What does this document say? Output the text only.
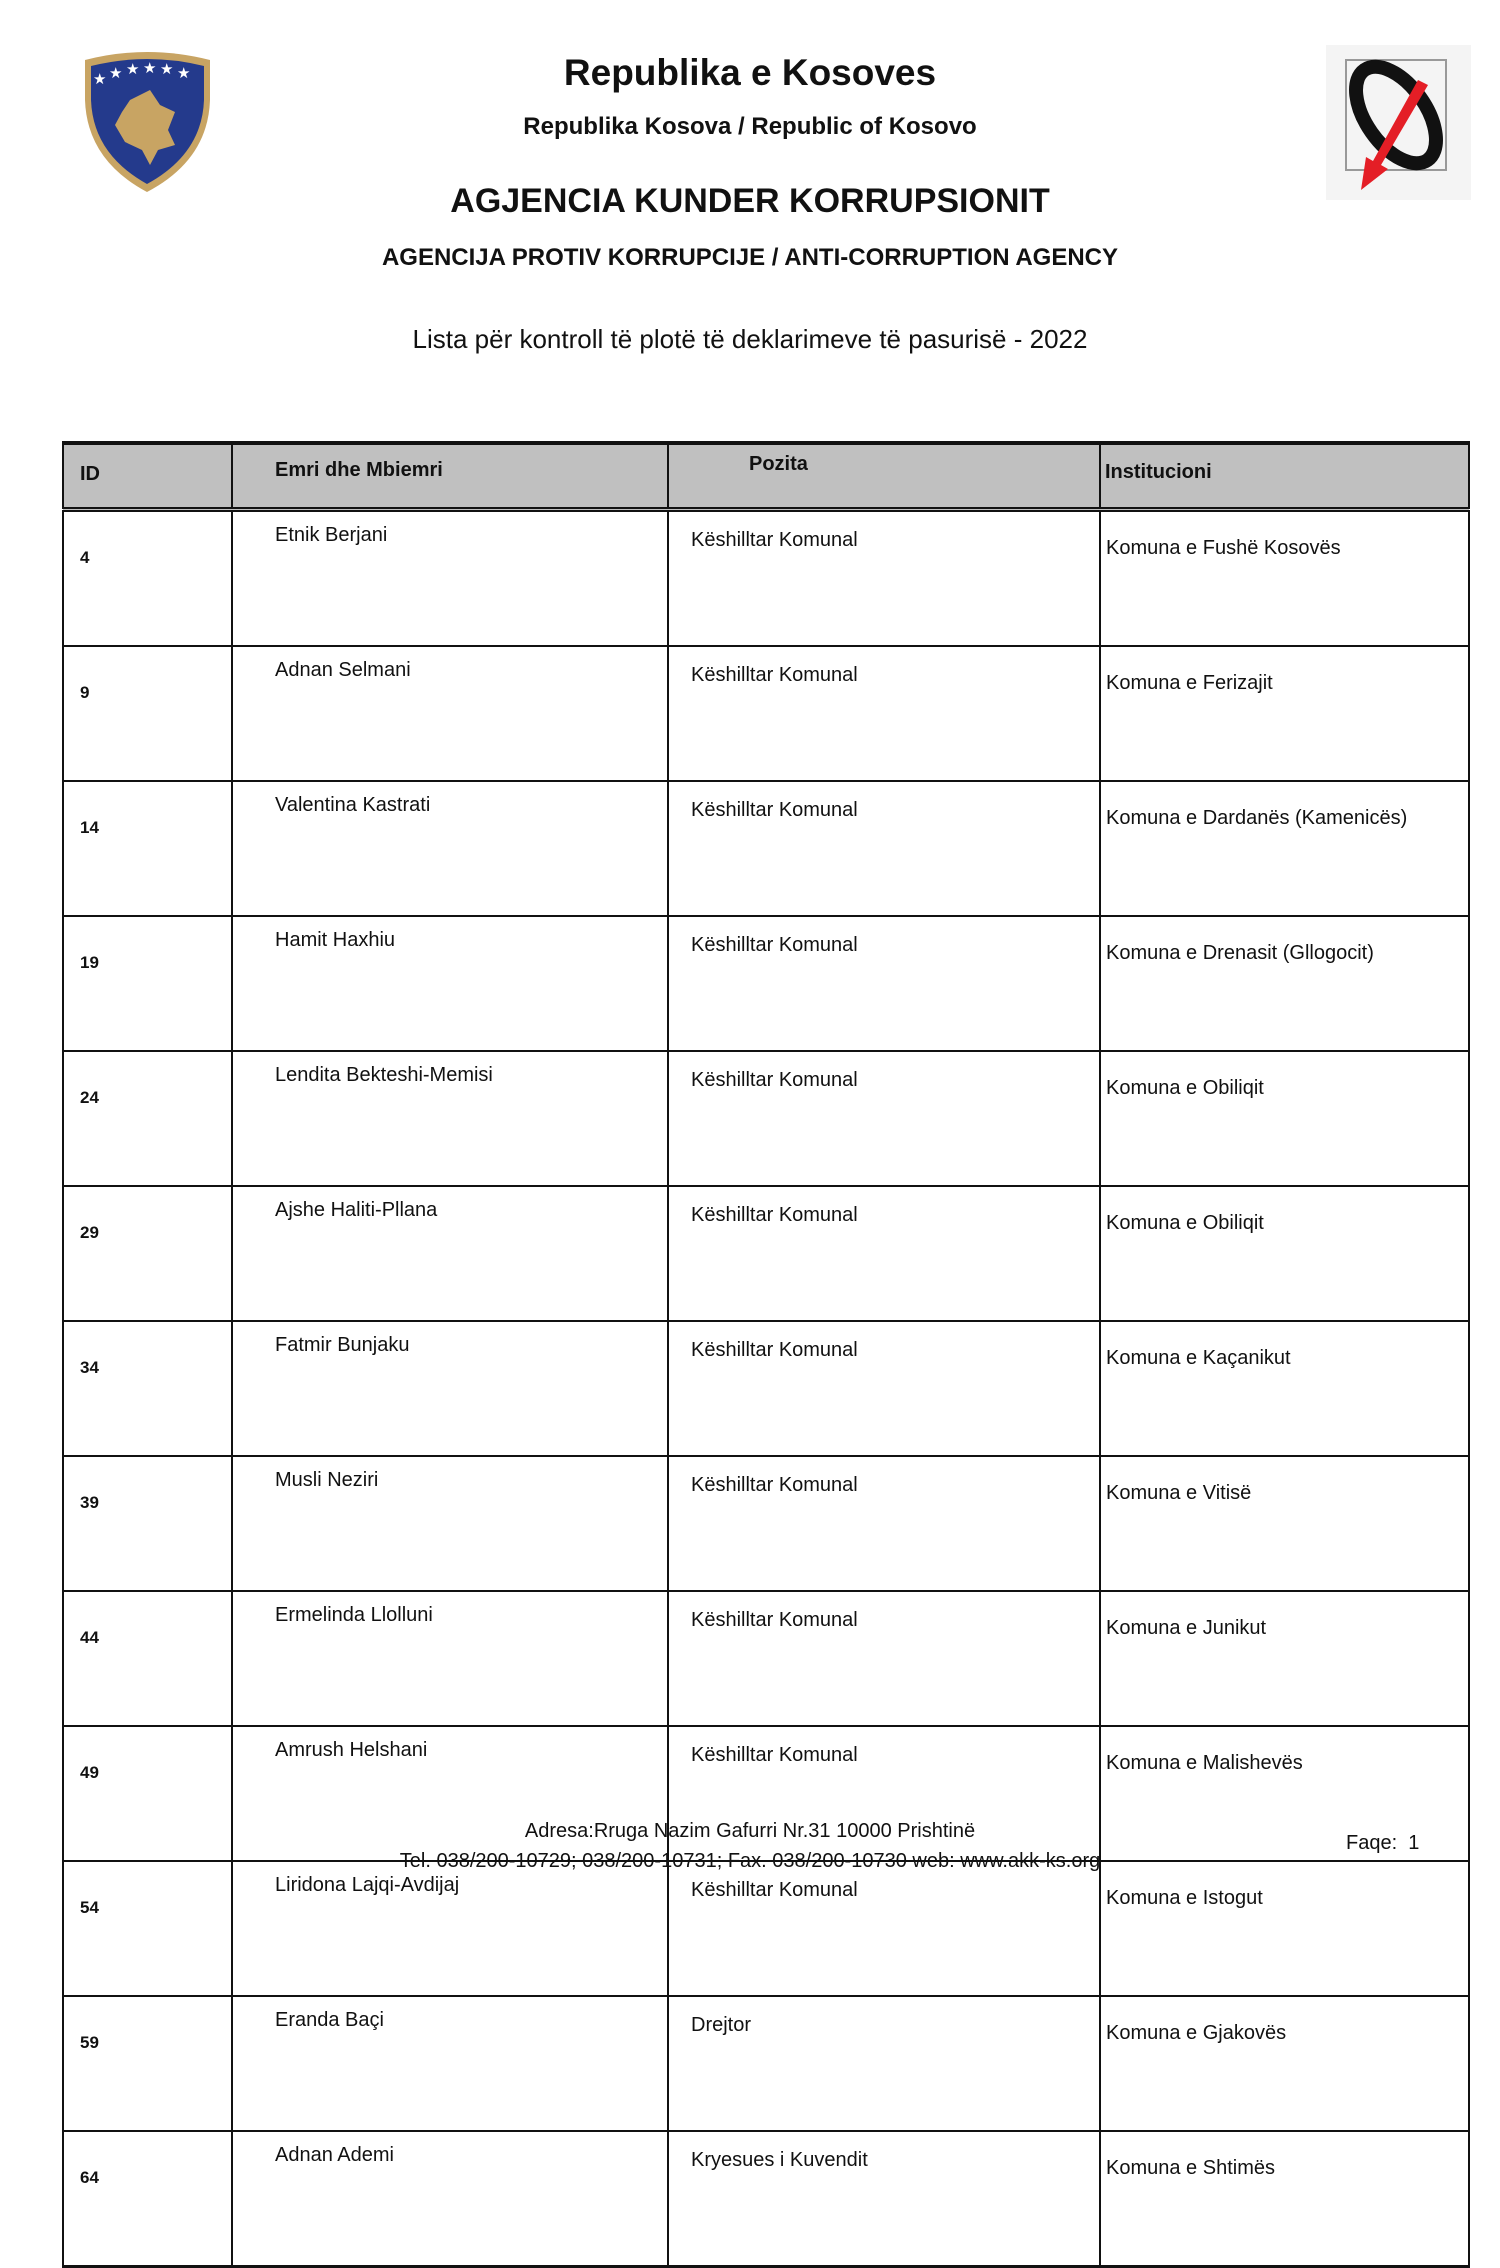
★ ★ ★ ★ ★ ★	Republika e Kosoves
Republika Kosova / Republic of Kosovo
AGJENCIA KUNDER KORRUPSIONIT
AGENCIJA PROTIV KORRUPCIJE / ANTI-CORRUPTION AGENCY
Lista për kontroll të plotë të deklarimeve të pasurisë - 2022
ID	Emri dhe Mbiemri	Pozita	Institucioni
4	Etnik Berjani	Këshilltar Komunal	Komuna e Fushë Kosovës
9	Adnan Selmani	Këshilltar Komunal	Komuna e Ferizajit
14	Valentina Kastrati	Këshilltar Komunal	Komuna e Dardanës (Kamenicës)
19	Hamit Haxhiu	Këshilltar Komunal	Komuna e Drenasit (Gllogocit)
24	Lendita Bekteshi-Memisi	Këshilltar Komunal	Komuna e Obiliqit
29	Ajshe Haliti-Pllana	Këshilltar Komunal	Komuna e Obiliqit
34	Fatmir Bunjaku	Këshilltar Komunal	Komuna e Kaçanikut
39	Musli Neziri	Këshilltar Komunal	Komuna e Vitisë
44	Ermelinda Llolluni	Këshilltar Komunal	Komuna e Junikut
49	Amrush Helshani	Këshilltar Komunal	Komuna e Malishevës
54	Liridona Lajqi-Avdijaj	Këshilltar Komunal	Komuna e Istogut
59	Eranda Baçi	Drejtor	Komuna e Gjakovës
64	Adnan Ademi	Kryesues i Kuvendit	Komuna e Shtimës
Adresa:Rruga Nazim Gafurri Nr.31 10000 Prishtinë
Tel. 038/200-10729; 038/200-10731; Fax. 038/200-10730 web: www.akk-ks.org
Faqe: 1
